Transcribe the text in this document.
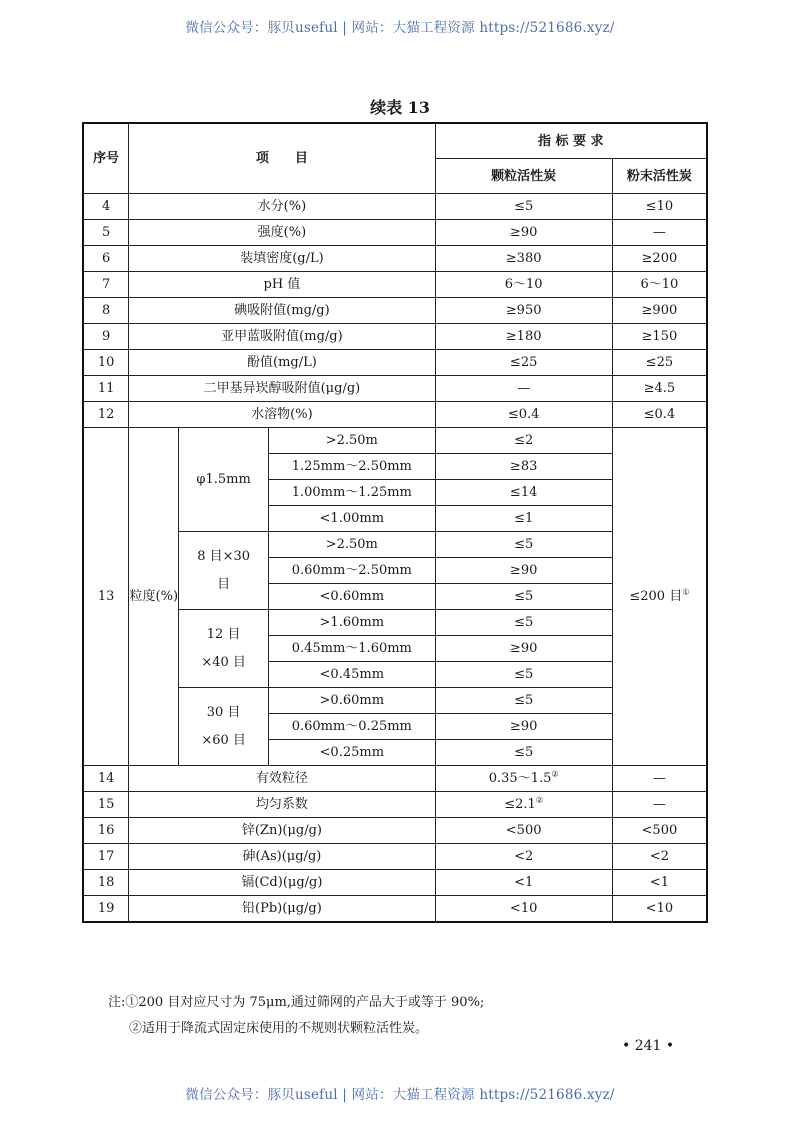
微信公众号：豚贝useful | 网站：大猫工程资源 https://521686.xyz/
续表 13
序号	项　　目			指 标 要 求	
				颗粒活性炭	粉末活性炭
4	水分(%)			≤5	≤10
5	强度(%)			≥90	—
6	装填密度(g/L)			≥380	≥200
7	pH 值			6～10	6～10
8	碘吸附值(mg/g)			≥950	≥900
9	亚甲蓝吸附值(mg/g)			≥180	≥150
10	酚值(mg/L)			≤25	≤25
11	二甲基异崁醇吸附值(μg/g)			—	≥4.5
12	水溶物(%)			≤0.4	≤0.4
13	粒度(%)	φ1.5mm	>2.50m	≤2	≤200 目①
			1.25mm～2.50mm	≥83	
			1.00mm～1.25mm	≤14	
			<1.00mm	≤1	
		8 目×30 目	>2.50m	≤5	
			0.60mm～2.50mm	≥90	
			<0.60mm	≤5	
		12 目×40 目	>1.60mm	≤5	
			0.45mm～1.60mm	≥90	
			<0.45mm	≤5	
		30 目×60 目	>0.60mm	≤5	
			0.60mm～0.25mm	≥90	
			<0.25mm	≤5	
14	有效粒径			0.35～1.5②	—
15	均匀系数			≤2.1②	—
16	锌(Zn)(μg/g)			<500	<500
17	砷(As)(μg/g)			<2	<2
18	镉(Cd)(μg/g)			<1	<1
19	铅(Pb)(μg/g)			<10	<10
注:①200 目对应尺寸为 75μm,通过筛网的产品大于或等于 90%;
②适用于降流式固定床使用的不规则状颗粒活性炭。
• 241 •
微信公众号：豚贝useful | 网站：大猫工程资源 https://521686.xyz/
